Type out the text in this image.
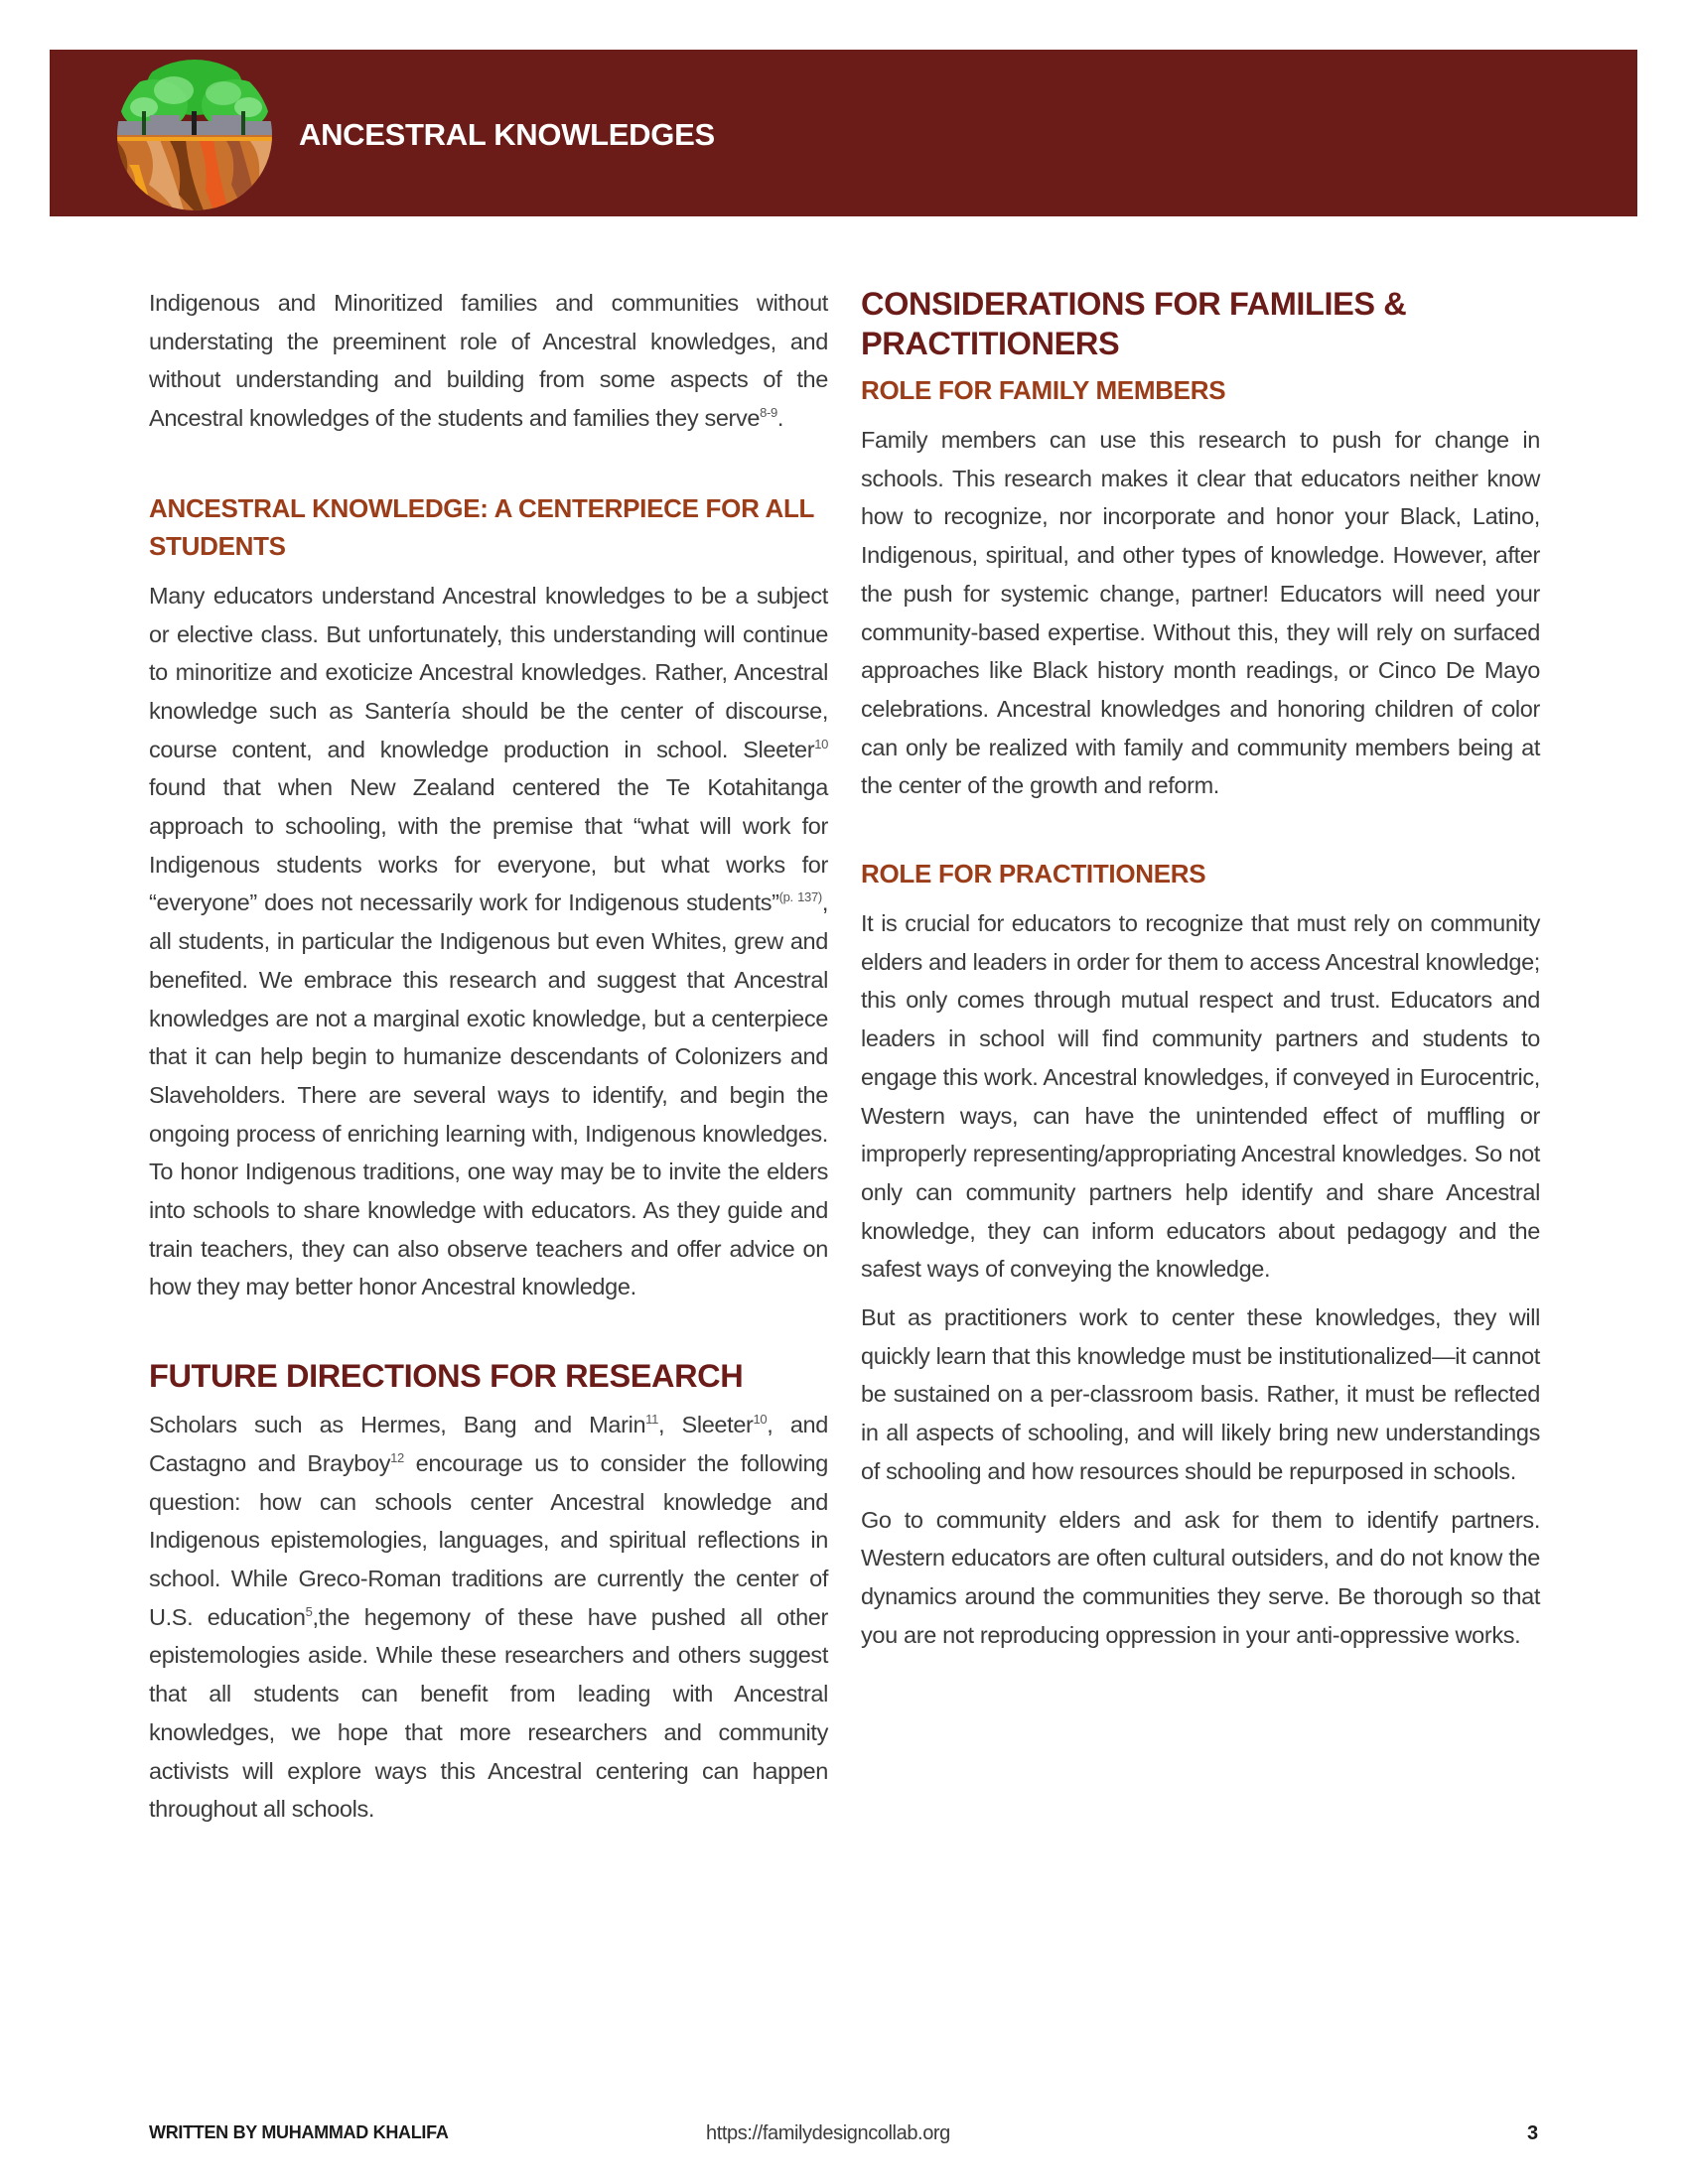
ANCESTRAL KNOWLEDGES

Indigenous and Minoritized families and communities without understating the preeminent role of Ancestral knowledges, and without understanding and building from some aspects of the Ancestral knowledges of the students and families they serve$^{8-9}$.

ANCESTRAL KNOWLEDGE: A CENTERPIECE FOR ALL STUDENTS

Many educators understand Ancestral knowledges to be a subject or elective class. But unfortunately, this understanding will continue to minoritize and exoticize Ancestral knowledges. Rather, Ancestral knowledge such as Santería should be the center of discourse, course content, and knowledge production in school. Sleeter$^{10}$ found that when New Zealand centered the Te Kotahitanga approach to schooling, with the premise that “what will work for Indigenous students works for everyone, but what works for “everyone” does not necessarily work for Indigenous students”$^{(p. 137)}$, all students, in particular the Indigenous but even Whites, grew and benefited. We embrace this research and suggest that Ancestral knowledges are not a marginal exotic knowledge, but a centerpiece that it can help begin to humanize descendants of Colonizers and Slaveholders. There are several ways to identify, and begin the ongoing process of enriching learning with, Indigenous knowledges. To honor Indigenous traditions, one way may be to invite the elders into schools to share knowledge with educators. As they guide and train teachers, they can also observe teachers and offer advice on how they may better honor Ancestral knowledge.

FUTURE DIRECTIONS FOR RESEARCH

Scholars such as Hermes, Bang and Marin$^{11}$, Sleeter$^{10}$, and Castagno and Brayboy$^{12}$ encourage us to consider the following question: how can schools center Ancestral knowledge and Indigenous epistemologies, languages, and spiritual reflections in school. While Greco-Roman traditions are currently the center of U.S. education$^5$,the hegemony of these have pushed all other epistemologies aside. While these researchers and others suggest that all students can benefit from leading with Ancestral knowledges, we hope that more researchers and community activists will explore ways this Ancestral centering can happen throughout all schools.

CONSIDERATIONS FOR FAMILIES & PRACTITIONERS
ROLE FOR FAMILY MEMBERS

Family members can use this research to push for change in schools. This research makes it clear that educators neither know how to recognize, nor incorporate and honor your Black, Latino, Indigenous, spiritual, and other types of knowledge. However, after the push for systemic change, partner! Educators will need your community-based expertise. Without this, they will rely on surfaced approaches like Black history month readings, or Cinco De Mayo celebrations. Ancestral knowledges and honoring children of color can only be realized with family and community members being at the center of the growth and reform.

ROLE FOR PRACTITIONERS

It is crucial for educators to recognize that must rely on community elders and leaders in order for them to access Ancestral knowledge; this only comes through mutual respect and trust. Educators and leaders in school will find community partners and students to engage this work. Ancestral knowledges, if conveyed in Eurocentric, Western ways, can have the unintended effect of muffling or improperly representing/appropriating Ancestral knowledges. So not only can community partners help identify and share Ancestral knowledge, they can inform educators about pedagogy and the safest ways of conveying the knowledge.

But as practitioners work to center these knowledges, they will quickly learn that this knowledge must be institutionalized—it cannot be sustained on a per-classroom basis. Rather, it must be reflected in all aspects of schooling, and will likely bring new understandings of schooling and how resources should be repurposed in schools.

Go to community elders and ask for them to identify partners. Western educators are often cultural outsiders, and do not know the dynamics around the communities they serve. Be thorough so that you are not reproducing oppression in your anti-oppressive works.

WRITTEN BY MUHAMMAD KHALIFA	https://familydesigncollab.org	3
